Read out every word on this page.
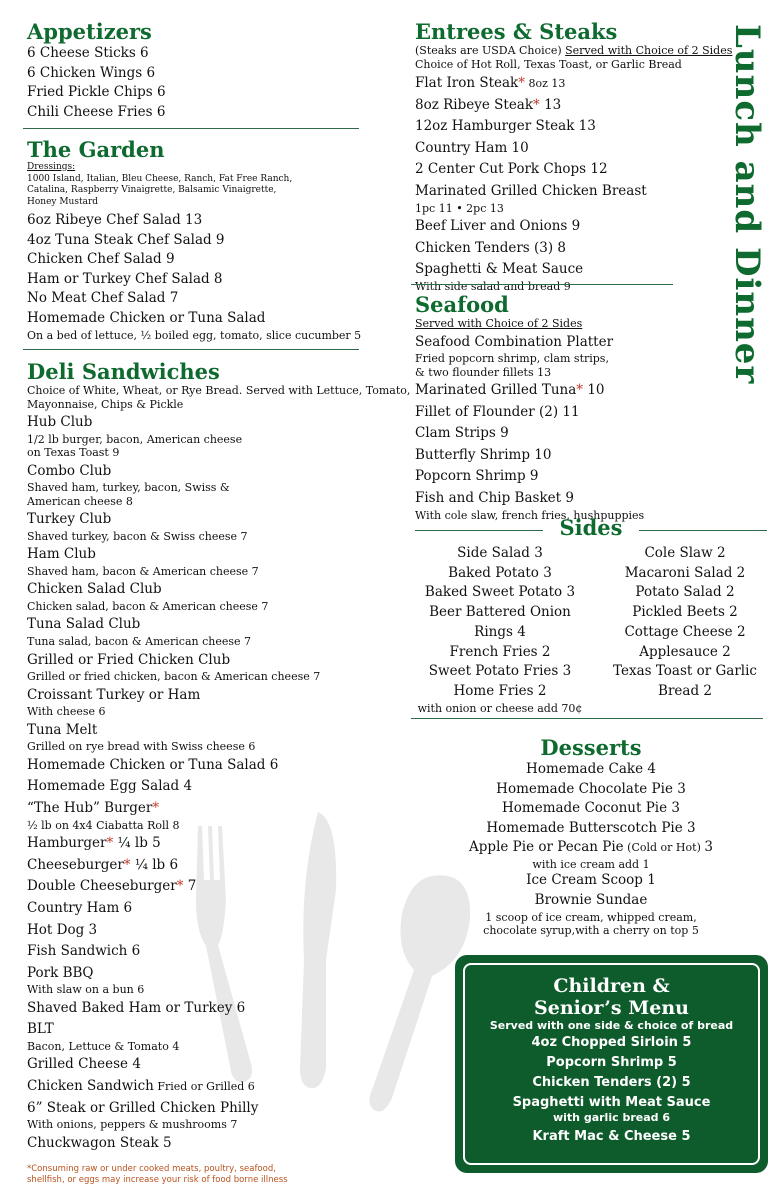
Appetizers
6 Cheese Sticks 6
6 Chicken Wings 6
Fried Pickle Chips 6
Chili Cheese Fries 6
The Garden
Dressings:
1000 Island, Italian, Bleu Cheese, Ranch, Fat Free Ranch,
Catalina, Raspberry Vinaigrette, Balsamic Vinaigrette,
Honey Mustard
6oz Ribeye Chef Salad 13
4oz Tuna Steak Chef Salad 9
Chicken Chef Salad 9
Ham or Turkey Chef Salad 8
No Meat Chef Salad 7
Homemade Chicken or Tuna Salad
On a bed of lettuce, ½ boiled egg, tomato, slice cucumber 5
Deli Sandwiches
Choice of White, Wheat, or Rye Bread. Served with Lettuce, Tomato,
Mayonnaise, Chips & Pickle
Hub Club
1/2 lb burger, bacon, American cheese
on Texas Toast 9
Combo Club
Shaved ham, turkey, bacon, Swiss &
American cheese 8
Turkey Club
Shaved turkey, bacon & Swiss cheese 7
Ham Club
Shaved ham, bacon & American cheese 7
Chicken Salad Club
Chicken salad, bacon & American cheese 7
Tuna Salad Club
Tuna salad, bacon & American cheese 7
Grilled or Fried Chicken Club
Grilled or fried chicken, bacon & American cheese 7
Croissant Turkey or Ham
With cheese 6
Tuna Melt
Grilled on rye bread with Swiss cheese 6
Homemade Chicken or Tuna Salad 6
Homemade Egg Salad 4
“The Hub” Burger*
½ lb on 4x4 Ciabatta Roll 8
Hamburger* ¼ lb 5
Cheeseburger* ¼ lb 6
Double Cheeseburger* 7
Country Ham 6
Hot Dog 3
Fish Sandwich 6
Pork BBQ
With slaw on a bun 6
Shaved Baked Ham or Turkey 6
BLT
Bacon, Lettuce & Tomato 4
Grilled Cheese 4
Chicken Sandwich Fried or Grilled 6
6” Steak or Grilled Chicken Philly
With onions, peppers & mushrooms 7
Chuckwagon Steak 5
*Consuming raw or under cooked meats, poultry, seafood,
shellfish, or eggs may increase your risk of food borne illness
Entrees & Steaks
(Steaks are USDA Choice) Served with Choice of 2 Sides
Choice of Hot Roll, Texas Toast, or Garlic Bread
Flat Iron Steak* 8oz 13
8oz Ribeye Steak* 13
12oz Hamburger Steak 13
Country Ham 10
2 Center Cut Pork Chops 12
Marinated Grilled Chicken Breast
1pc 11 • 2pc 13
Beef Liver and Onions 9
Chicken Tenders (3) 8
Spaghetti & Meat Sauce
With side salad and bread 9
Seafood
Served with Choice of 2 Sides
Seafood Combination Platter
Fried popcorn shrimp, clam strips,
& two flounder fillets 13
Marinated Grilled Tuna* 10
Fillet of Flounder (2) 11
Clam Strips 9
Butterfly Shrimp 10
Popcorn Shrimp 9
Fish and Chip Basket 9
With cole slaw, french fries, hushpuppies
Lunch and Dinner
Sides
Side Salad 3
Baked Potato 3
Baked Sweet Potato 3
Beer Battered Onion
Rings 4
French Fries 2
Sweet Potato Fries 3
Home Fries 2
with onion or cheese add 70¢
Cole Slaw 2
Macaroni Salad 2
Potato Salad 2
Pickled Beets 2
Cottage Cheese 2
Applesauce 2
Texas Toast or Garlic
Bread 2
Desserts
Homemade Cake 4
Homemade Chocolate Pie 3
Homemade Coconut Pie 3
Homemade Butterscotch Pie 3
Apple Pie or Pecan Pie (Cold or Hot) 3
with ice cream add 1
Ice Cream Scoop 1
Brownie Sundae
1 scoop of ice cream, whipped cream,
chocolate syrup,with a cherry on top 5
Children &
Senior’s Menu
Served with one side & choice of bread
4oz Chopped Sirloin 5
Popcorn Shrimp 5
Chicken Tenders (2) 5
Spaghetti with Meat Sauce
with garlic bread 6
Kraft Mac & Cheese 5
